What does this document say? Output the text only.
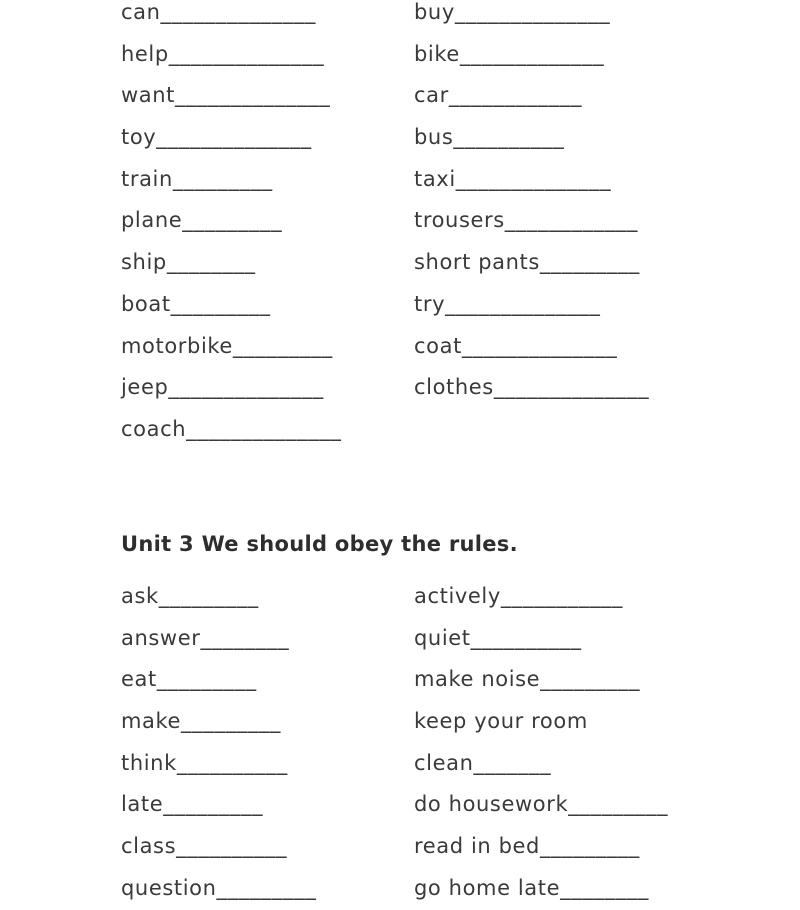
can______________
help______________
want______________
toy______________
train_________
plane_________
ship________
boat_________
motorbike_________
jeep______________
coach______________
buy______________
bike_____________
car____________
bus__________
taxi______________
trousers____________
short pants_________
try______________
coat______________
clothes______________
Unit 3 We should obey the rules.
ask_________
answer________
eat_________
make_________
think__________
late_________
class__________
question_________
actively___________
quiet__________
make noise_________
keep your room
clean_______
do housework_________
read in bed_________
go home late________
